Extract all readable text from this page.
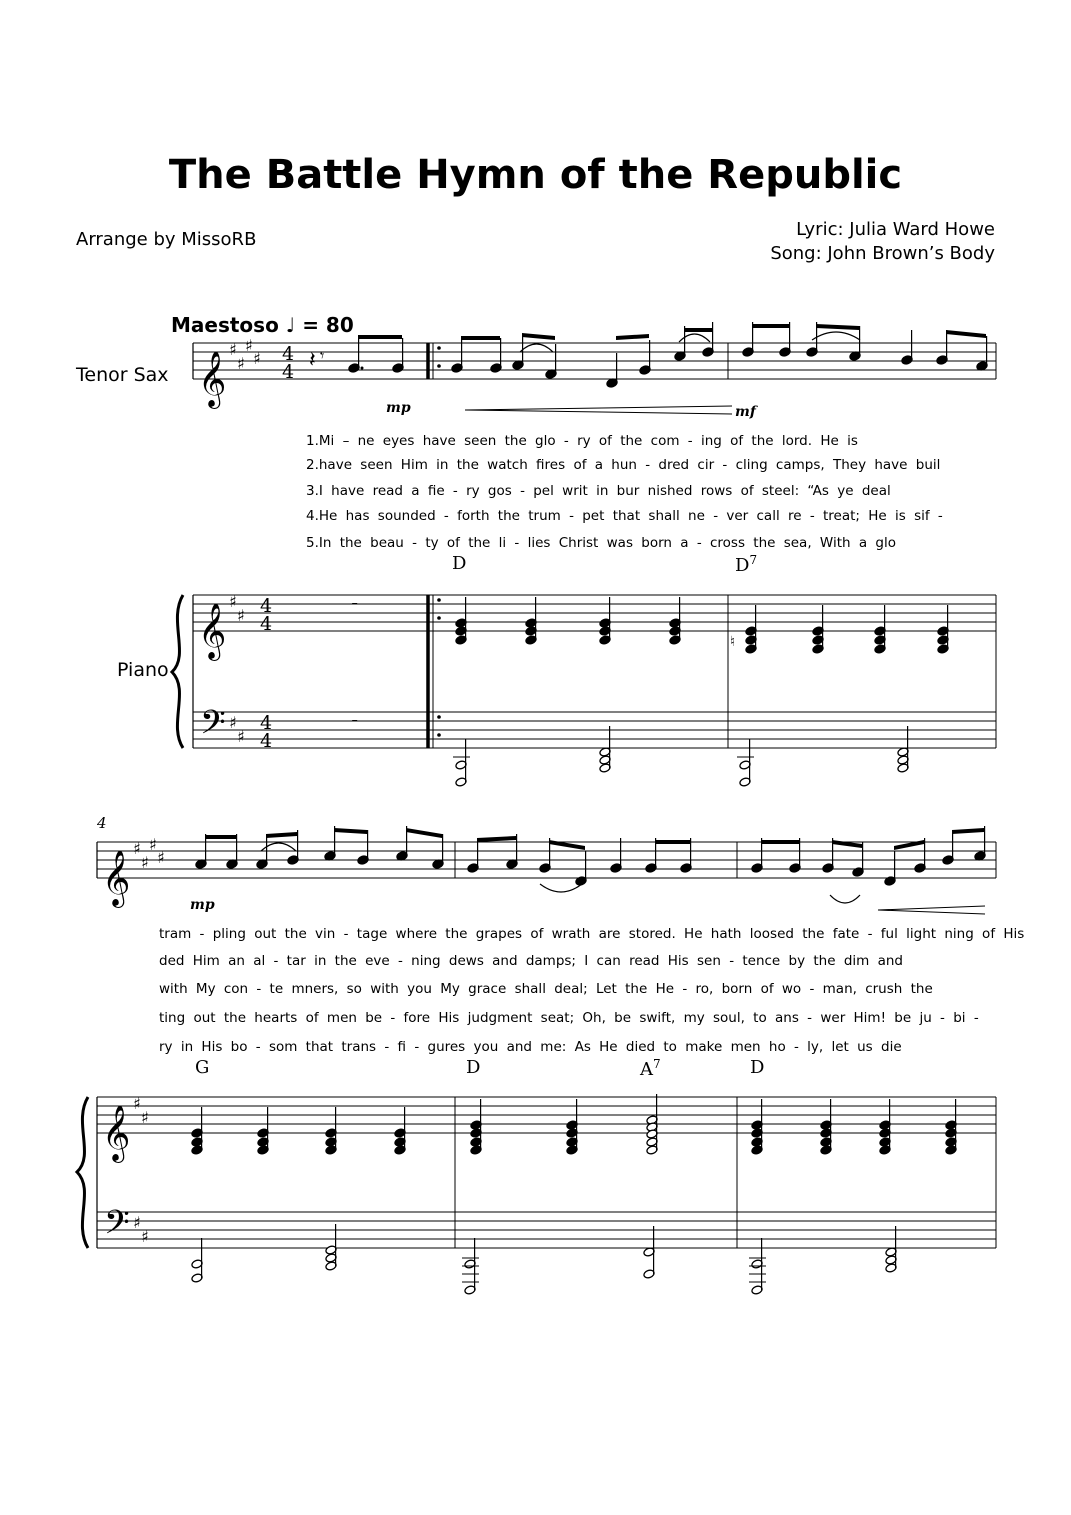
The Battle Hymn of the Republic
Arrange by MissoRB	Lyric: Julia Ward Howe
Song: John Brown’s Body
Maestoso ♩ = 80
Tenor Sax
Piano
mp	mf
1.Mi – ne eyes have seen the glo - ry of the com - ing of the lord. He is
2.have seen Him in the watch fires of a hun - dred cir - cling camps, They have buil
3.I have read a fie - ry gos - pel writ in bur nished rows of steel: “As ye deal
4.He has sounded - forth the trum - pet that shall ne - ver call re - treat; He is sif -
5.In the beau - ty of the li - lies Christ was born a - cross the sea, With a glo
D	$D^7$
4
mp
tram - pling out the vin - tage where the grapes of wrath are stored. He hath loosed the fate - ful light ning of His
ded Him an al - tar in the eve - ning dews and damps; I can read His sen - tence by the dim and
with My con - te mners, so with you My grace shall deal; Let the He - ro, born of wo - man, crush the
ting out the hearts of men be - fore His judgment seat; Oh, be swift, my soul, to ans - wer Him! be ju - bi -
ry in His bo - som that trans - fi - gures you and me: As He died to make men ho - ly, let us die
G	D	$A^7$	D
𝄞
𝄞
𝄢
♯
♯
♯
♯
♯
♯
♯
♯
4
4
4
4
4
4
𝄽 𝄾
𝄻
𝄻
♮
𝄞
𝄞
𝄢
♯
♯
♯
♯
♯
♯
♯
♯
